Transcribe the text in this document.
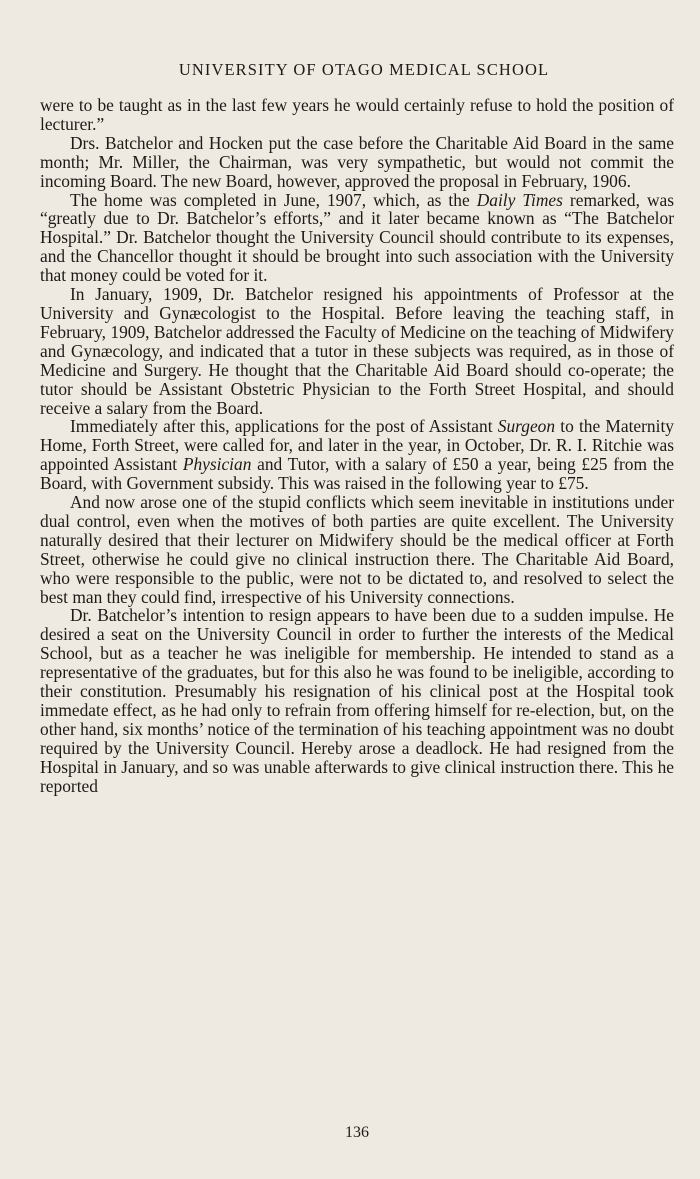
UNIVERSITY OF OTAGO MEDICAL SCHOOL

were to be taught as in the last few years he would certainly refuse to hold the position of lecturer.”

Drs. Batchelor and Hocken put the case before the Charitable Aid Board in the same month; Mr. Miller, the Chairman, was very sympathetic, but would not commit the incoming Board. The new Board, however, approved the proposal in February, 1906.

The home was completed in June, 1907, which, as the Daily Times remarked, was “greatly due to Dr. Batchelor’s efforts,” and it later became known as “The Batchelor Hospital.” Dr. Batchelor thought the University Council should contribute to its expenses, and the Chancellor thought it should be brought into such association with the University that money could be voted for it.

In January, 1909, Dr. Batchelor resigned his appointments of Professor at the University and Gynæcologist to the Hospital. Before leaving the teaching staff, in February, 1909, Batchelor addressed the Faculty of Medicine on the teaching of Midwifery and Gynæcology, and indicated that a tutor in these subjects was required, as in those of Medicine and Surgery. He thought that the Charitable Aid Board should co-operate; the tutor should be Assistant Obstetric Physician to the Forth Street Hospital, and should receive a salary from the Board.

Immediately after this, applications for the post of Assistant Surgeon to the Maternity Home, Forth Street, were called for, and later in the year, in October, Dr. R. I. Ritchie was appointed Assistant Physician and Tutor, with a salary of £50 a year, being £25 from the Board, with Government subsidy. This was raised in the following year to £75.

And now arose one of the stupid conflicts which seem inevitable in institutions under dual control, even when the motives of both parties are quite excellent. The University naturally desired that their lecturer on Midwifery should be the medical officer at Forth Street, otherwise he could give no clinical instruction there. The Charitable Aid Board, who were responsible to the public, were not to be dictated to, and resolved to select the best man they could find, irrespective of his University connections.

Dr. Batchelor’s intention to resign appears to have been due to a sudden impulse. He desired a seat on the University Council in order to further the interests of the Medical School, but as a teacher he was ineligible for membership. He intended to stand as a representative of the graduates, but for this also he was found to be ineligible, according to their constitution. Presumably his resignation of his clinical post at the Hospital took immedate effect, as he had only to refrain from offering himself for re-election, but, on the other hand, six months’ notice of the termination of his teaching appointment was no doubt required by the University Council. Hereby arose a deadlock. He had resigned from the Hospital in January, and so was unable afterwards to give clinical instruction there. This he reported

136
